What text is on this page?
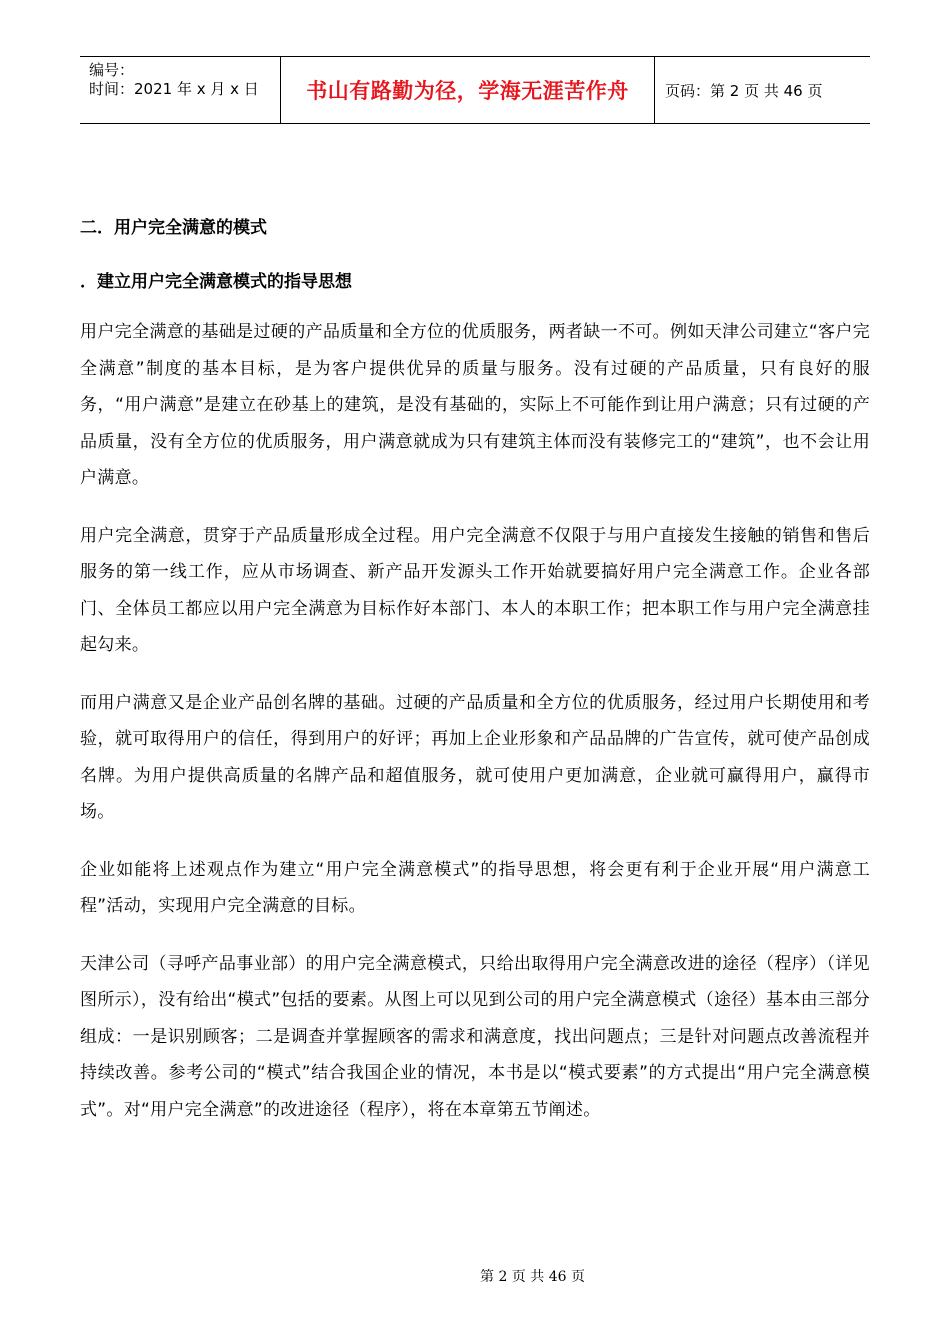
编号：
时间：2021 年 x 月 x 日	书山有路勤为径，学海无涯苦作舟	页码：第 2 页 共 46 页

二．用户完全满意的模式

．建立用户完全满意模式的指导思想

用户完全满意的基础是过硬的产品质量和全方位的优质服务，两者缺一不可。例如天津公司建立“客户完全满意”制度的基本目标，是为客户提供优异的质量与服务。没有过硬的产品质量，只有良好的服务，“用户满意”是建立在砂基上的建筑，是没有基础的，实际上不可能作到让用户满意；只有过硬的产品质量，没有全方位的优质服务，用户满意就成为只有建筑主体而没有装修完工的“建筑”，也不会让用户满意。

用户完全满意，贯穿于产品质量形成全过程。用户完全满意不仅限于与用户直接发生接触的销售和售后服务的第一线工作，应从市场调查、新产品开发源头工作开始就要搞好用户完全满意工作。企业各部门、全体员工都应以用户完全满意为目标作好本部门、本人的本职工作；把本职工作与用户完全满意挂起勾来。

而用户满意又是企业产品创名牌的基础。过硬的产品质量和全方位的优质服务，经过用户长期使用和考验，就可取得用户的信任，得到用户的好评；再加上企业形象和产品品牌的广告宣传，就可使产品创成名牌。为用户提供高质量的名牌产品和超值服务，就可使用户更加满意，企业就可赢得用户，赢得市场。

企业如能将上述观点作为建立“用户完全满意模式”的指导思想，将会更有利于企业开展“用户满意工程”活动，实现用户完全满意的目标。

天津公司（寻呼产品事业部）的用户完全满意模式，只给出取得用户完全满意改进的途径（程序）（详见图所示），没有给出“模式”包括的要素。从图上可以见到公司的用户完全满意模式（途径）基本由三部分组成：一是识别顾客；二是调查并掌握顾客的需求和满意度，找出问题点；三是针对问题点改善流程并持续改善。参考公司的“模式”结合我国企业的情况，本书是以“模式要素”的方式提出“用户完全满意模式”。对“用户完全满意”的改进途径（程序），将在本章第五节阐述。

第 2 页 共 46 页
